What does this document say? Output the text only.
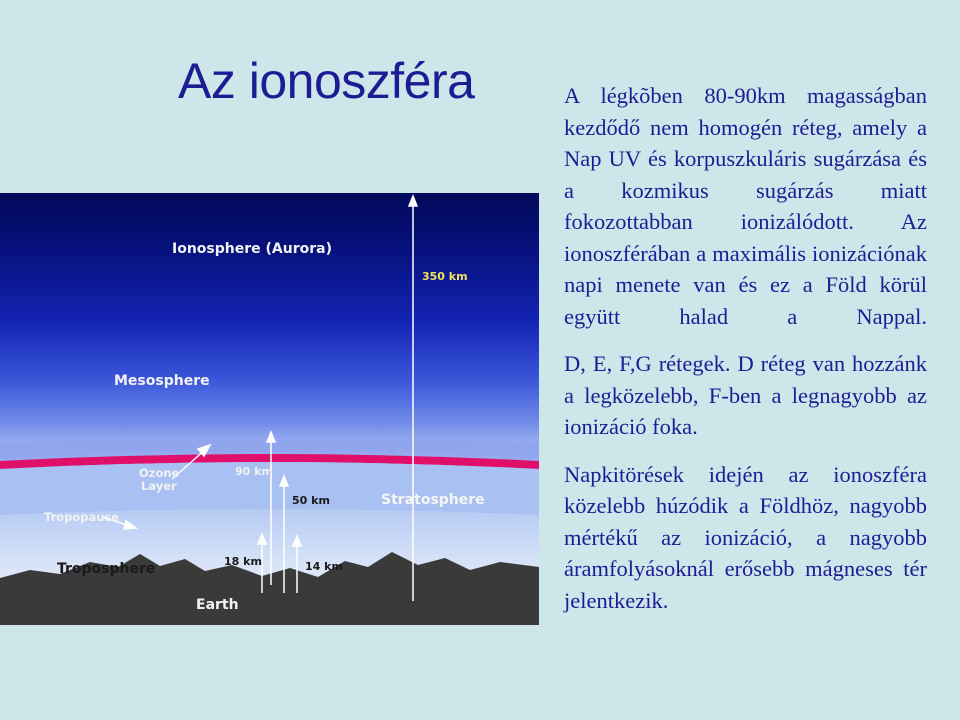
Az ionoszféra	A légkõben 80-90km magasságban kezdődő nem homogén réteg, amely a Nap UV és korpuszkuláris sugárzása és a kozmikus sugárzás miatt fokozottabban ionizálódott. Az ionoszférában a maximális ionizációnak napi menete van és ez a Föld körül együtt halad a Nappal.

D, E, F,G rétegek. D réteg van hozzánk a legközelebb, F-ben a legnagyobb az ionizáció foka.

Napkitörések idején az ionoszféra közelebb húzódik a Földhöz, nagyobb mértékű az ionizáció, a nagyobb áramfolyásoknál erősebb mágneses tér jelentkezik.

Ionosphere (Aurora)
350 km
Mesosphere
Ozone
Layer
90 km
Tropopause
50 km	Stratosphere
18 km	14 km
Troposphere
Earth
